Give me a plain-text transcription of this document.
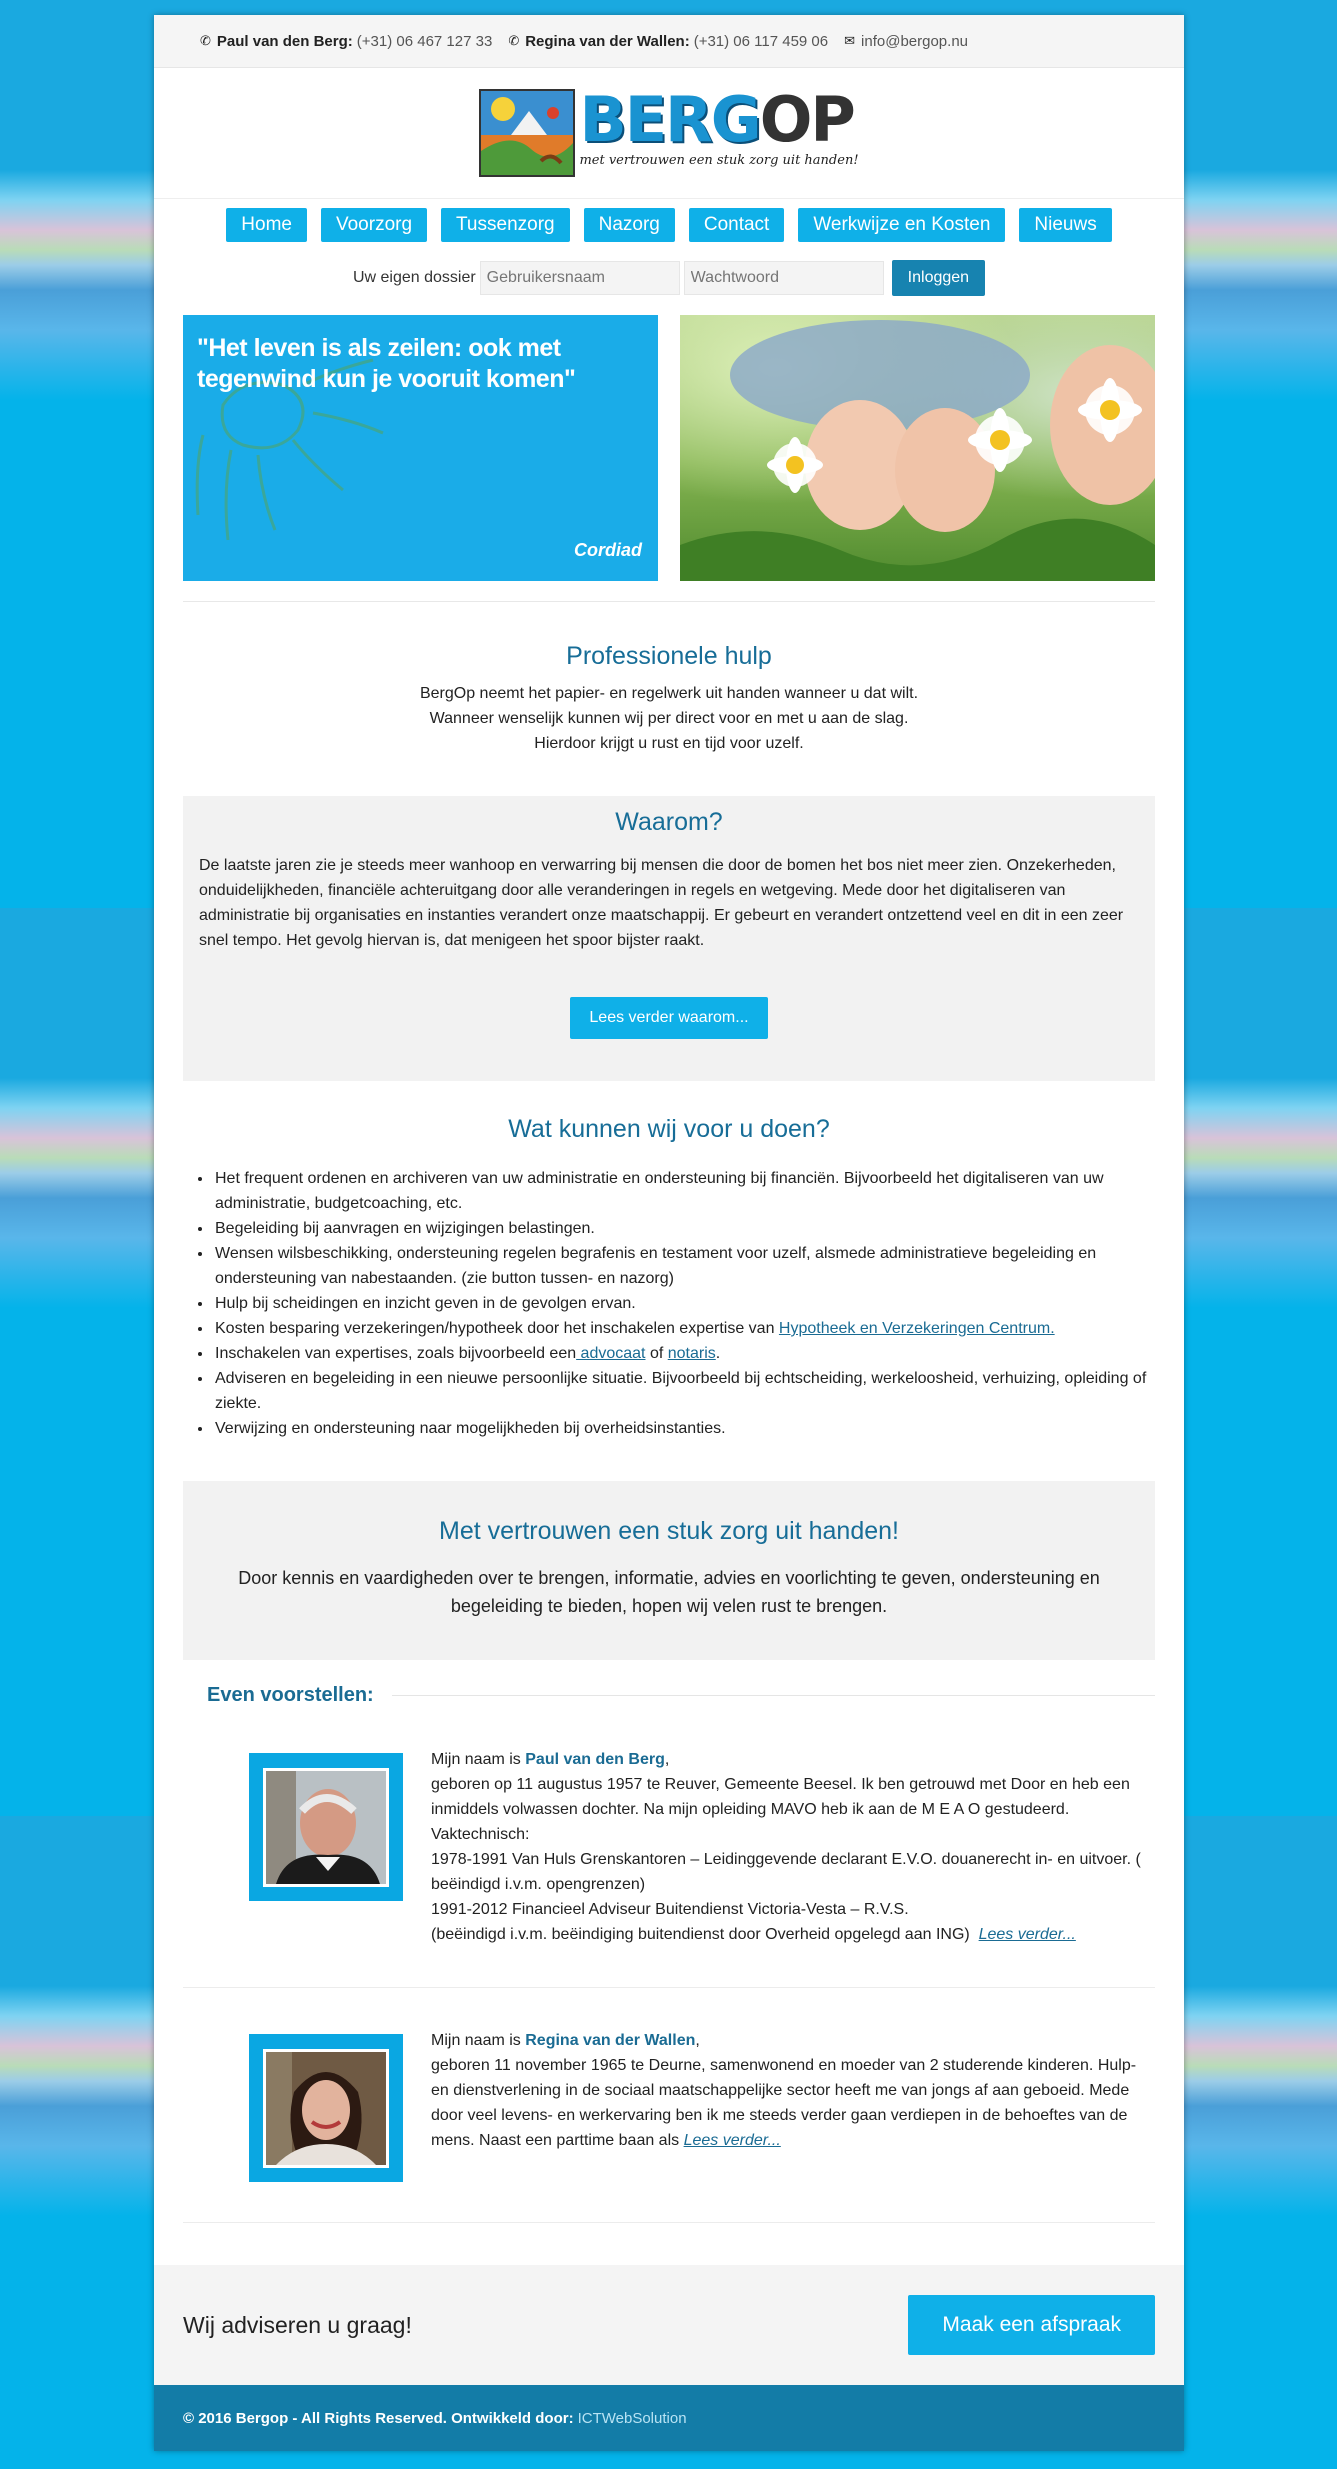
✆ Paul van den Berg: (+31) 06 467 127 33 ✆ Regina van der Wallen: (+31) 06 117 459 06 ✉ info@bergop.nu
BERGOP
met vertrouwen een stuk zorg uit handen!
Home	Voorzorg	Tussenzorg	Nazorg	Contact	Werkwijze en Kosten	Nieuws
Uw eigen dossier
Gebruikersnaam	Inloggen
"Het leven is als zeilen: ook met tegenwind kun je vooruit komen"
Cordiad
Professionele hulp

BergOp neemt het papier- en regelwerk uit handen wanneer u dat wilt.
Wanneer wenselijk kunnen wij per direct voor en met u aan de slag.
Hierdoor krijgt u rust en tijd voor uzelf.

Waarom?

De laatste jaren zie je steeds meer wanhoop en verwarring bij mensen die door de bomen het bos niet meer zien. Onzekerheden, onduidelijkheden, financiële achteruitgang door alle veranderingen in regels en wetgeving. Mede door het digitaliseren van administratie bij organisaties en instanties verandert onze maatschappij. Er gebeurt en verandert ontzettend veel en dit in een zeer snel tempo. Het gevolg hiervan is, dat menigeen het spoor bijster raakt.

Lees verder waarom...
Wat kunnen wij voor u doen?
• Het frequent ordenen en archiveren van uw administratie en ondersteuning bij financiën. Bijvoorbeeld het digitaliseren van uw administratie, budgetcoaching, etc.
• Begeleiding bij aanvragen en wijzigingen belastingen.
• Wensen wilsbeschikking, ondersteuning regelen begrafenis en testament voor uzelf, alsmede administratieve begeleiding en ondersteuning van nabestaanden. (zie button tussen- en nazorg)
• Hulp bij scheidingen en inzicht geven in de gevolgen ervan.
• Kosten besparing verzekeringen/hypotheek door het inschakelen expertise van Hypotheek en Verzekeringen Centrum.
• Inschakelen van expertises, zoals bijvoorbeeld een advocaat of notaris.
• Adviseren en begeleiding in een nieuwe persoonlijke situatie. Bijvoorbeeld bij echtscheiding, werkeloosheid, verhuizing, opleiding of ziekte.
• Verwijzing en ondersteuning naar mogelijkheden bij overheidsinstanties.
Met vertrouwen een stuk zorg uit handen!

Door kennis en vaardigheden over te brengen, informatie, advies en voorlichting te geven, ondersteuning en begeleiding te bieden, hopen wij velen rust te brengen.

Even voorstellen:
Mijn naam is Paul van den Berg,
geboren op 11 augustus 1957 te Reuver, Gemeente Beesel. Ik ben getrouwd met Door en heb een inmiddels volwassen dochter. Na mijn opleiding MAVO heb ik aan de M E A O gestudeerd.
Vaktechnisch:
1978-1991 Van Huls Grenskantoren – Leidinggevende declarant E.V.O. douanerecht in- en uitvoer. ( beëindigd i.v.m. opengrenzen)
1991-2012 Financieel Adviseur Buitendienst Victoria-Vesta – R.V.S.
(beëindigd i.v.m. beëindiging buitendienst door Overheid opgelegd aan ING) Lees verder...
Mijn naam is Regina van der Wallen,
geboren 11 november 1965 te Deurne, samenwonend en moeder van 2 studerende kinderen. Hulp- en dienstverlening in de sociaal maatschappelijke sector heeft me van jongs af aan geboeid. Mede door veel levens- en werkervaring ben ik me steeds verder gaan verdiepen in de behoeftes van de mens. Naast een parttime baan als Lees verder...
Wij adviseren u graag!	Maak een afspraak
© 2016 Bergop - All Rights Reserved. Ontwikkeld door: ICTWebSolution
